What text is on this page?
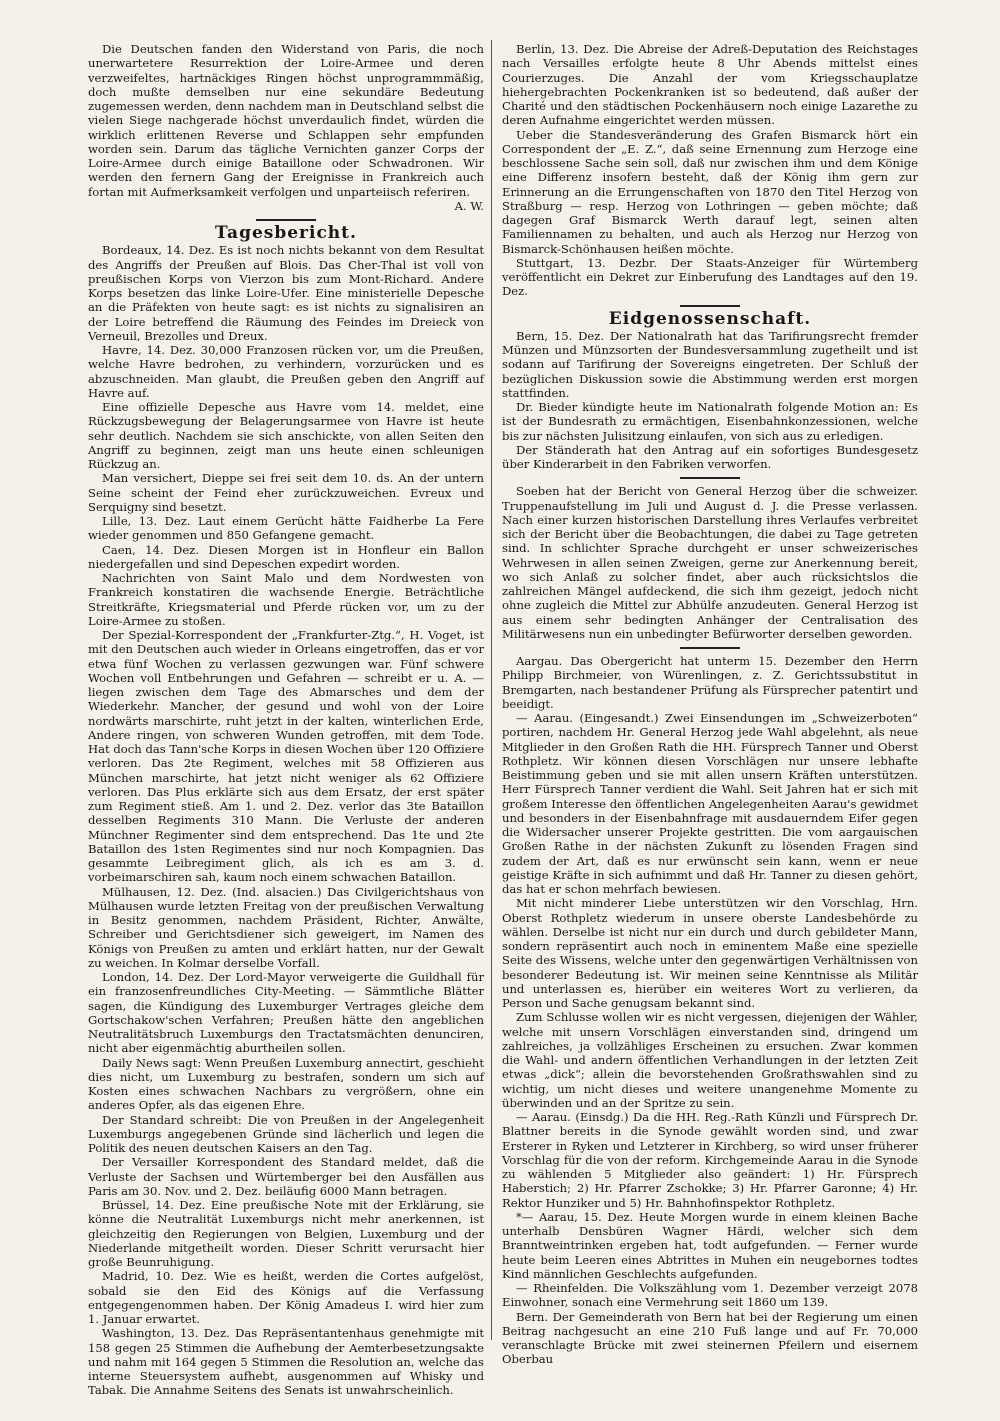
Die Deutschen fanden den Widerstand von Paris, die noch unerwartetere Resurrektion der Loire-Armee und deren verzweifeltes, hartnäckiges Ringen höchst unprogrammmäßig, doch mußte demselben nur eine sekundäre Bedeutung zugemessen werden, denn nachdem man in Deutschland selbst die vielen Siege nachgerade höchst unverdaulich findet, würden die wirklich erlittenen Reverse und Schlappen sehr empfunden worden sein. Darum das tägliche Vernichten ganzer Corps der Loire-Armee durch einige Bataillone oder Schwadronen. Wir werden den fernern Gang der Ereignisse in Frankreich auch fortan mit Aufmerksamkeit verfolgen und unparteiisch referiren.

A. W.
Tagesbericht.

Bordeaux, 14. Dez. Es ist noch nichts bekannt von dem Resultat des Angriffs der Preußen auf Blois. Das Cher-Thal ist voll von preußischen Korps von Vierzon bis zum Mont-Richard. Andere Korps besetzen das linke Loire-Ufer. Eine ministerielle Depesche an die Präfekten von heute sagt: es ist nichts zu signalisiren an der Loire betreffend die Räumung des Feindes im Dreieck von Verneuil, Brezolles und Dreux.

Havre, 14. Dez. 30,000 Franzosen rücken vor, um die Preußen, welche Havre bedrohen, zu verhindern, vorzurücken und es abzuschneiden. Man glaubt, die Preußen geben den Angriff auf Havre auf.

Eine offizielle Depesche aus Havre vom 14. meldet, eine Rückzugsbewegung der Belagerungsarmee von Havre ist heute sehr deutlich. Nachdem sie sich anschickte, von allen Seiten den Angriff zu beginnen, zeigt man uns heute einen schleunigen Rückzug an.

Man versichert, Dieppe sei frei seit dem 10. ds. An der untern Seine scheint der Feind eher zurückzuweichen. Evreux und Serquigny sind besetzt.

Lille, 13. Dez. Laut einem Gerücht hätte Faidherbe La Fere wieder genommen und 850 Gefangene gemacht.

Caen, 14. Dez. Diesen Morgen ist in Honfleur ein Ballon niedergefallen und sind Depeschen expedirt worden.

Nachrichten von Saint Malo und dem Nordwesten von Frankreich konstatiren die wachsende Energie. Beträchtliche Streitkräfte, Kriegsmaterial und Pferde rücken vor, um zu der Loire-Armee zu stoßen.

Der Spezial-Korrespondent der „Frankfurter-Ztg.“, H. Voget, ist mit den Deutschen auch wieder in Orleans eingetroffen, das er vor etwa fünf Wochen zu verlassen gezwungen war. Fünf schwere Wochen voll Entbehrungen und Gefahren — schreibt er u. A. — liegen zwischen dem Tage des Abmarsches und dem der Wiederkehr. Mancher, der gesund und wohl von der Loire nordwärts marschirte, ruht jetzt in der kalten, winterlichen Erde, Andere ringen, von schweren Wunden getroffen, mit dem Tode. Hat doch das Tann'sche Korps in diesen Wochen über 120 Offiziere verloren. Das 2te Regiment, welches mit 58 Offizieren aus München marschirte, hat jetzt nicht weniger als 62 Offiziere verloren. Das Plus erklärte sich aus dem Ersatz, der erst später zum Regiment stieß. Am 1. und 2. Dez. verlor das 3te Bataillon desselben Regiments 310 Mann. Die Verluste der anderen Münchner Regimenter sind dem entsprechend. Das 1te und 2te Bataillon des 1sten Regimentes sind nur noch Kompagnien. Das gesammte Leibregiment glich, als ich es am 3. d. vorbeimarschiren sah, kaum noch einem schwachen Bataillon.

Mülhausen, 12. Dez. (Ind. alsacien.) Das Civilgerichtshaus von Mülhausen wurde letzten Freitag von der preußischen Verwaltung in Besitz genommen, nachdem Präsident, Richter, Anwälte, Schreiber und Gerichtsdiener sich geweigert, im Namen des Königs von Preußen zu amten und erklärt hatten, nur der Gewalt zu weichen. In Kolmar derselbe Vorfall.

London, 14. Dez. Der Lord-Mayor verweigerte die Guildhall für ein franzosenfreundliches City-Meeting. — Sämmtliche Blätter sagen, die Kündigung des Luxemburger Vertrages gleiche dem Gortschakow'schen Verfahren; Preußen hätte den angeblichen Neutralitätsbruch Luxemburgs den Tractatsmächten denunciren, nicht aber eigenmächtig aburtheilen sollen.

Daily News sagt: Wenn Preußen Luxemburg annectirt, geschieht dies nicht, um Luxemburg zu bestrafen, sondern um sich auf Kosten eines schwachen Nachbars zu vergrößern, ohne ein anderes Opfer, als das eigenen Ehre.

Der Standard schreibt: Die von Preußen in der Angelegenheit Luxemburgs angegebenen Gründe sind lächerlich und legen die Politik des neuen deutschen Kaisers an den Tag.

Der Versailler Korrespondent des Standard meldet, daß die Verluste der Sachsen und Würtemberger bei den Ausfällen aus Paris am 30. Nov. und 2. Dez. beiläufig 6000 Mann betragen.

Brüssel, 14. Dez. Eine preußische Note mit der Erklärung, sie könne die Neutralität Luxemburgs nicht mehr anerkennen, ist gleichzeitig den Regierungen von Belgien, Luxemburg und der Niederlande mitgetheilt worden. Dieser Schritt verursacht hier große Beunruhigung.

Madrid, 10. Dez. Wie es heißt, werden die Cortes aufgelöst, sobald sie den Eid des Königs auf die Verfassung entgegengenommen haben. Der König Amadeus I. wird hier zum 1. Januar erwartet.

Washington, 13. Dez. Das Repräsentantenhaus genehmigte mit 158 gegen 25 Stimmen die Aufhebung der Aemterbesetzungsakte und nahm mit 164 gegen 5 Stimmen die Resolution an, welche das interne Steuersystem aufhebt, ausgenommen auf Whisky und Tabak. Die Annahme Seitens des Senats ist unwahrscheinlich.

Berlin, 13. Dez. Die Abreise der Adreß-Deputation des Reichstages nach Versailles erfolgte heute 8 Uhr Abends mittelst eines Courierzuges. Die Anzahl der vom Kriegsschauplatze hiehergebrachten Pockenkranken ist so bedeutend, daß außer der Charité und den städtischen Pockenhäusern noch einige Lazarethe zu deren Aufnahme eingerichtet werden müssen.

Ueber die Standesveränderung des Grafen Bismarck hört ein Correspondent der „E. Z.“, daß seine Ernennung zum Herzoge eine beschlossene Sache sein soll, daß nur zwischen ihm und dem Könige eine Differenz insofern besteht, daß der König ihm gern zur Erinnerung an die Errungenschaften von 1870 den Titel Herzog von Straßburg — resp. Herzog von Lothringen — geben möchte; daß dagegen Graf Bismarck Werth darauf legt, seinen alten Familiennamen zu behalten, und auch als Herzog nur Herzog von Bismarck-Schönhausen heißen möchte.

Stuttgart, 13. Dezbr. Der Staats-Anzeiger für Würtemberg veröffentlicht ein Dekret zur Einberufung des Landtages auf den 19. Dez.

Eidgenossenschaft.

Bern, 15. Dez. Der Nationalrath hat das Tarifirungsrecht fremder Münzen und Münzsorten der Bundesversammlung zugetheilt und ist sodann auf Tarifirung der Sovereigns eingetreten. Der Schluß der bezüglichen Diskussion sowie die Abstimmung werden erst morgen stattfinden.

Dr. Bieder kündigte heute im Nationalrath folgende Motion an: Es ist der Bundesrath zu ermächtigen, Eisenbahnkonzessionen, welche bis zur nächsten Julisitzung einlaufen, von sich aus zu erledigen.

Der Ständerath hat den Antrag auf ein sofortiges Bundesgesetz über Kinderarbeit in den Fabriken verworfen.

Soeben hat der Bericht von General Herzog über die schweizer. Truppenaufstellung im Juli und August d. J. die Presse verlassen. Nach einer kurzen historischen Darstellung ihres Verlaufes verbreitet sich der Bericht über die Beobachtungen, die dabei zu Tage getreten sind. In schlichter Sprache durchgeht er unser schweizerisches Wehrwesen in allen seinen Zweigen, gerne zur Anerkennung bereit, wo sich Anlaß zu solcher findet, aber auch rücksichtslos die zahlreichen Mängel aufdeckend, die sich ihm gezeigt, jedoch nicht ohne zugleich die Mittel zur Abhülfe anzudeuten. General Herzog ist aus einem sehr bedingten Anhänger der Centralisation des Militärwesens nun ein unbedingter Befürworter derselben geworden.

Aargau. Das Obergericht hat unterm 15. Dezember den Herrn Philipp Birchmeier, von Würenlingen, z. Z. Gerichtssubstitut in Bremgarten, nach bestandener Prüfung als Fürsprecher patentirt und beeidigt.

— Aarau. (Eingesandt.) Zwei Einsendungen im „Schweizerboten“ portiren, nachdem Hr. General Herzog jede Wahl abgelehnt, als neue Mitglieder in den Großen Rath die HH. Fürsprech Tanner und Oberst Rothpletz. Wir können diesen Vorschlägen nur unsere lebhafte Beistimmung geben und sie mit allen unsern Kräften unterstützen. Herr Fürsprech Tanner verdient die Wahl. Seit Jahren hat er sich mit großem Interesse den öffentlichen Angelegenheiten Aarau's gewidmet und besonders in der Eisenbahnfrage mit ausdauerndem Eifer gegen die Widersacher unserer Projekte gestritten. Die vom aargauischen Großen Rathe in der nächsten Zukunft zu lösenden Fragen sind zudem der Art, daß es nur erwünscht sein kann, wenn er neue geistige Kräfte in sich aufnimmt und daß Hr. Tanner zu diesen gehört, das hat er schon mehrfach bewiesen.

Mit nicht minderer Liebe unterstützen wir den Vorschlag, Hrn. Oberst Rothpletz wiederum in unsere oberste Landesbehörde zu wählen. Derselbe ist nicht nur ein durch und durch gebildeter Mann, sondern repräsentirt auch noch in eminentem Maße eine spezielle Seite des Wissens, welche unter den gegenwärtigen Verhältnissen von besonderer Bedeutung ist. Wir meinen seine Kenntnisse als Militär und unterlassen es, hierüber ein weiteres Wort zu verlieren, da Person und Sache genugsam bekannt sind.

Zum Schlusse wollen wir es nicht vergessen, diejenigen der Wähler, welche mit unsern Vorschlägen einverstanden sind, dringend um zahlreiches, ja vollzähliges Erscheinen zu ersuchen. Zwar kommen die Wahl- und andern öffentlichen Verhandlungen in der letzten Zeit etwas „dick“; allein die bevorstehenden Großrathswahlen sind zu wichtig, um nicht dieses und weitere unangenehme Momente zu überwinden und an der Spritze zu sein.

— Aarau. (Einsdg.) Da die HH. Reg.-Rath Künzli und Fürsprech Dr. Blattner bereits in die Synode gewählt worden sind, und zwar Ersterer in Ryken und Letzterer in Kirchberg, so wird unser früherer Vorschlag für die von der reform. Kirchgemeinde Aarau in die Synode zu wählenden 5 Mitglieder also geändert: 1) Hr. Fürsprech Haberstich; 2) Hr. Pfarrer Zschokke; 3) Hr. Pfarrer Garonne; 4) Hr. Rektor Hunziker und 5) Hr. Bahnhofinspektor Rothpletz.

*— Aarau, 15. Dez. Heute Morgen wurde in einem kleinen Bache unterhalb Densbüren Wagner Härdi, welcher sich dem Branntweintrinken ergeben hat, todt aufgefunden. — Ferner wurde heute beim Leeren eines Abtrittes in Muhen ein neugebornes todtes Kind männlichen Geschlechts aufgefunden.

— Rheinfelden. Die Volkszählung vom 1. Dezember verzeigt 2078 Einwohner, sonach eine Vermehrung seit 1860 um 139.

Bern. Der Gemeinderath von Bern hat bei der Regierung um einen Beitrag nachgesucht an eine 210 Fuß lange und auf Fr. 70,000 veranschlagte Brücke mit zwei steinernen Pfeilern und eisernem Oberbau
